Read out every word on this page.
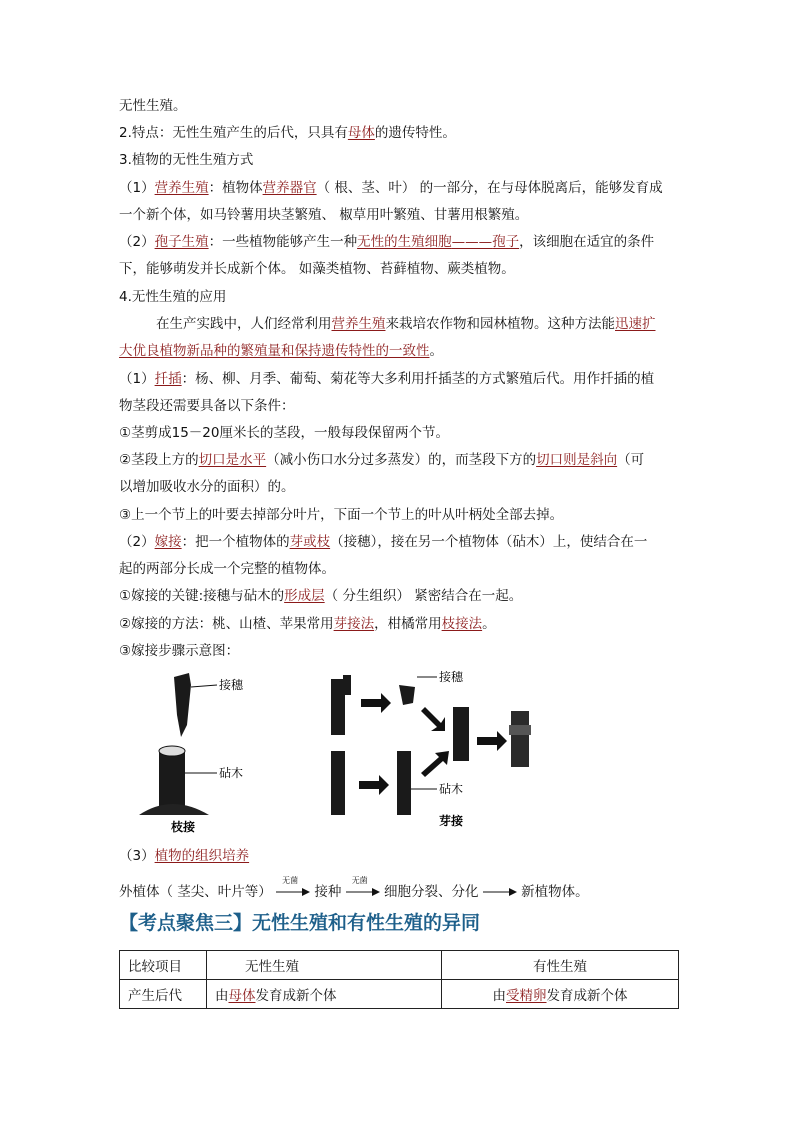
无性生殖。
2.特点：无性生殖产生的后代，只具有母体的遗传特性。
3.植物的无性生殖方式
（1）营养生殖：植物体营养器官（ 根、茎、叶） 的一部分，在与母体脱离后，能够发育成
一个新个体，如马铃薯用块茎繁殖、 椒草用叶繁殖、甘薯用根繁殖。
（2）孢子生殖：一些植物能够产生一种无性的生殖细胞———孢子，该细胞在适宜的条件
下，能够萌发并长成新个体。 如藻类植物、苔藓植物、蕨类植物。
4.无性生殖的应用
在生产实践中，人们经常利用营养生殖来栽培农作物和园林植物。这种方法能迅速扩
大优良植物新品种的繁殖量和保持遗传特性的一致性。
（1）扦插：杨、柳、月季、葡萄、菊花等大多利用扦插茎的方式繁殖后代。用作扦插的植
物茎段还需要具备以下条件：
①茎剪成15－20厘米长的茎段，一般每段保留两个节。
②茎段上方的切口是水平（减小伤口水分过多蒸发）的，而茎段下方的切口则是斜向（可
以增加吸收水分的面积）的。
③上一个节上的叶要去掉部分叶片，下面一个节上的叶从叶柄处全部去掉。
（2）嫁接：把一个植物体的芽或枝（接穗），接在另一个植物体（砧木）上，使结合在一
起的两部分长成一个完整的植物体。
①嫁接的关键:接穗与砧木的形成层（ 分生组织） 紧密结合在一起。
②嫁接的方法：桃、山楂、苹果常用芽接法，柑橘常用枝接法。
③嫁接步骤示意图：
接穗
砧木
枝接
接穗
砧木
芽接
（3）植物的组织培养
外植体（ 茎尖、叶片等）
无菌
接种
无菌
细胞分裂、分化	新植物体。
【考点聚焦三】无性生殖和有性生殖的异同
比较项目	无性生殖	有性生殖
产生后代	由母体发育成新个体	由受精卵发育成新个体
